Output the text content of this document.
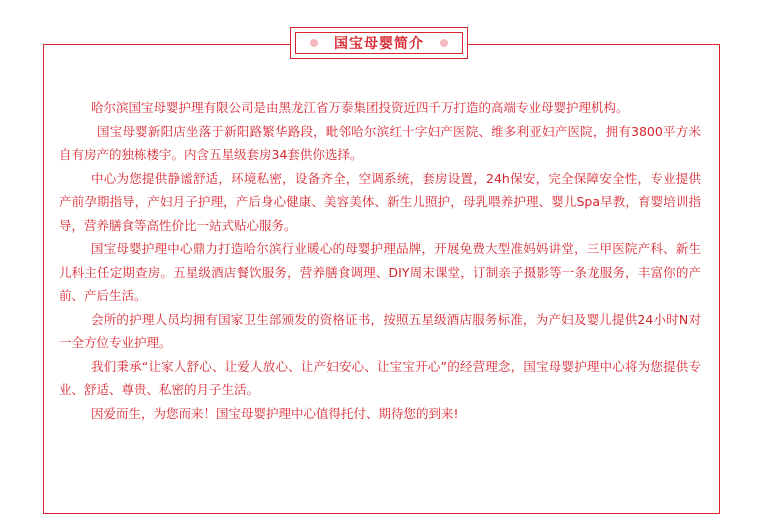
国宝母婴简介

哈尔滨国宝母婴护理有限公司是由黑龙江省万泰集团投资近四千万打造的高端专业母婴护理机构。

国宝母婴新阳店坐落于新阳路繁华路段，毗邻哈尔滨红十字妇产医院、维多利亚妇产医院，拥有3800平方米自有房产的独栋楼宇。内含五星级套房34套供你选择。

中心为您提供静谧舒适，环境私密，设备齐全，空调系统，套房设置，24h保安，完全保障安全性，专业提供产前孕期指导，产妇月子护理，产后身心健康、美容美体、新生儿照护，母乳喂养护理、婴儿Spa早教，育婴培训指导，营养膳食等高性价比一站式贴心服务。

国宝母婴护理中心鼎力打造哈尔滨行业暖心的母婴护理品牌，开展免费大型准妈妈讲堂，三甲医院产科、新生儿科主任定期查房。五星级酒店餐饮服务，营养膳食调理、DIY周末课堂，订制亲子摄影等一条龙服务，丰富你的产前、产后生活。

会所的护理人员均拥有国家卫生部颁发的资格证书，按照五星级酒店服务标准，为产妇及婴儿提供24小时N对一全方位专业护理。

我们秉承“让家人舒心、让爱人放心、让产妇安心、让宝宝开心”的经营理念，国宝母婴护理中心将为您提供专业、舒适、尊贵、私密的月子生活。

因爱而生，为您而来！国宝母婴护理中心值得托付、期待您的到来!
